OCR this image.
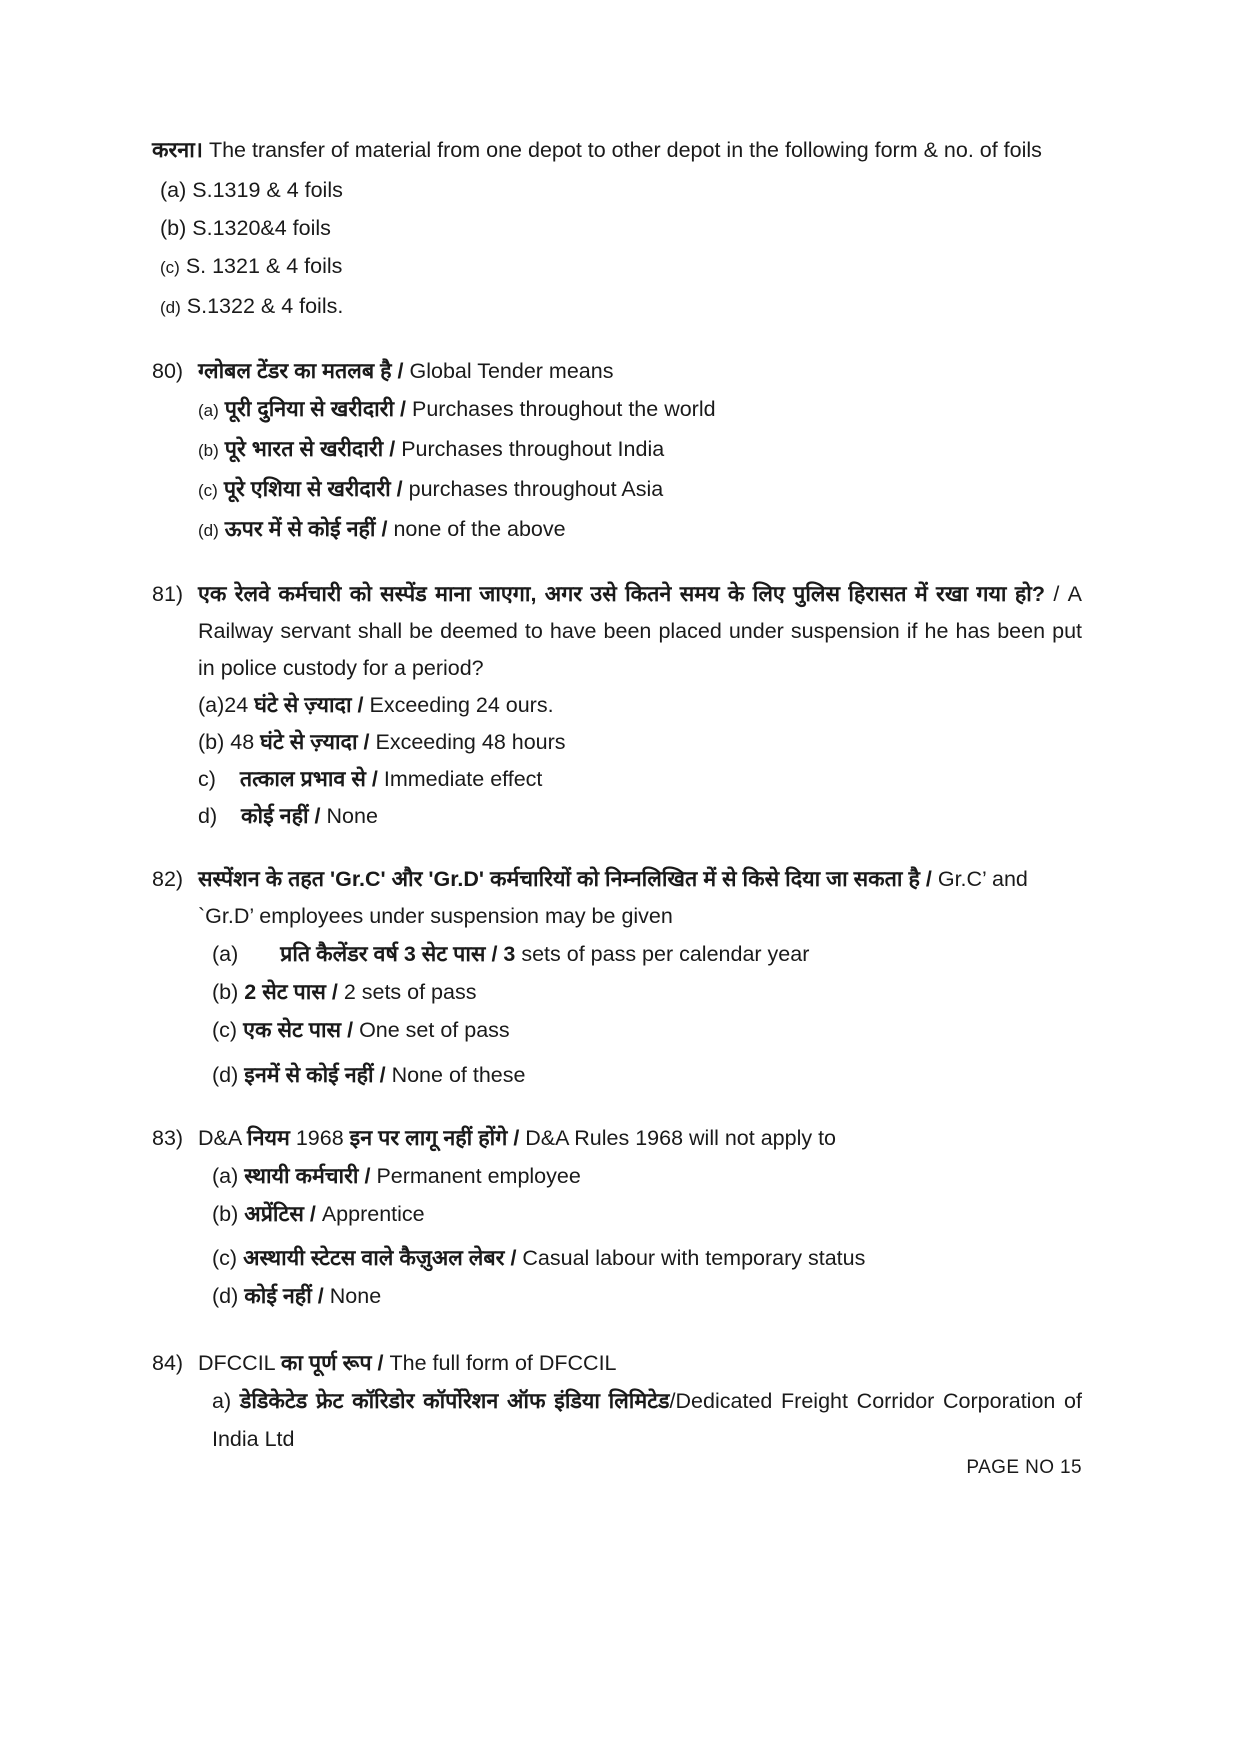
करना। The transfer of material from one depot to other depot in the following form & no. of foils
(a) S.1319 & 4 foils
(b) S.1320&4 foils
(c) S. 1321 & 4 foils
(d) S.1322 & 4 foils.
80) ग्लोबल टेंडर का मतलब है / Global Tender means
(a) पूरी दुनिया से खरीदारी / Purchases throughout the world
(b) पूरे भारत से खरीदारी / Purchases throughout India
(c) पूरे एशिया से खरीदारी / purchases throughout Asia
(d) ऊपर में से कोई नहीं / none of the above
81) एक रेलवे कर्मचारी को सस्पेंड माना जाएगा, अगर उसे कितने समय के लिए पुलिस हिरासत में रखा गया हो? / A Railway servant shall be deemed to have been placed under suspension if he has been put in police custody for a period?
(a)24 घंटे से ज़्यादा / Exceeding 24 ours.
(b) 48 घंटे से ज़्यादा / Exceeding 48 hours
c) तत्काल प्रभाव से / Immediate effect
d) कोई नहीं / None
82) सस्पेंशन के तहत 'Gr.C' और 'Gr.D' कर्मचारियों को निम्नलिखित में से किसे दिया जा सकता है / Gr.C’ and `Gr.D’ employees under suspension may be given
(a) प्रति कैलेंडर वर्ष 3 सेट पास / 3 sets of pass per calendar year
(b) 2 सेट पास / 2 sets of pass
(c) एक सेट पास / One set of pass
(d) इनमें से कोई नहीं / None of these
83) D&A नियम 1968 इन पर लागू नहीं होंगे / D&A Rules 1968 will not apply to
(a) स्थायी कर्मचारी / Permanent employee
(b) अप्रेंटिस / Apprentice
(c) अस्थायी स्टेटस वाले कैज़ुअल लेबर / Casual labour with temporary status
(d) कोई नहीं / None
84) DFCCIL का पूर्ण रूप / The full form of DFCCIL
a) डेडिकेटेड फ्रेट कॉरिडोर कॉर्पोरेशन ऑफ इंडिया लिमिटेड/Dedicated Freight Corridor Corporation of India Ltd
PAGE NO 15
